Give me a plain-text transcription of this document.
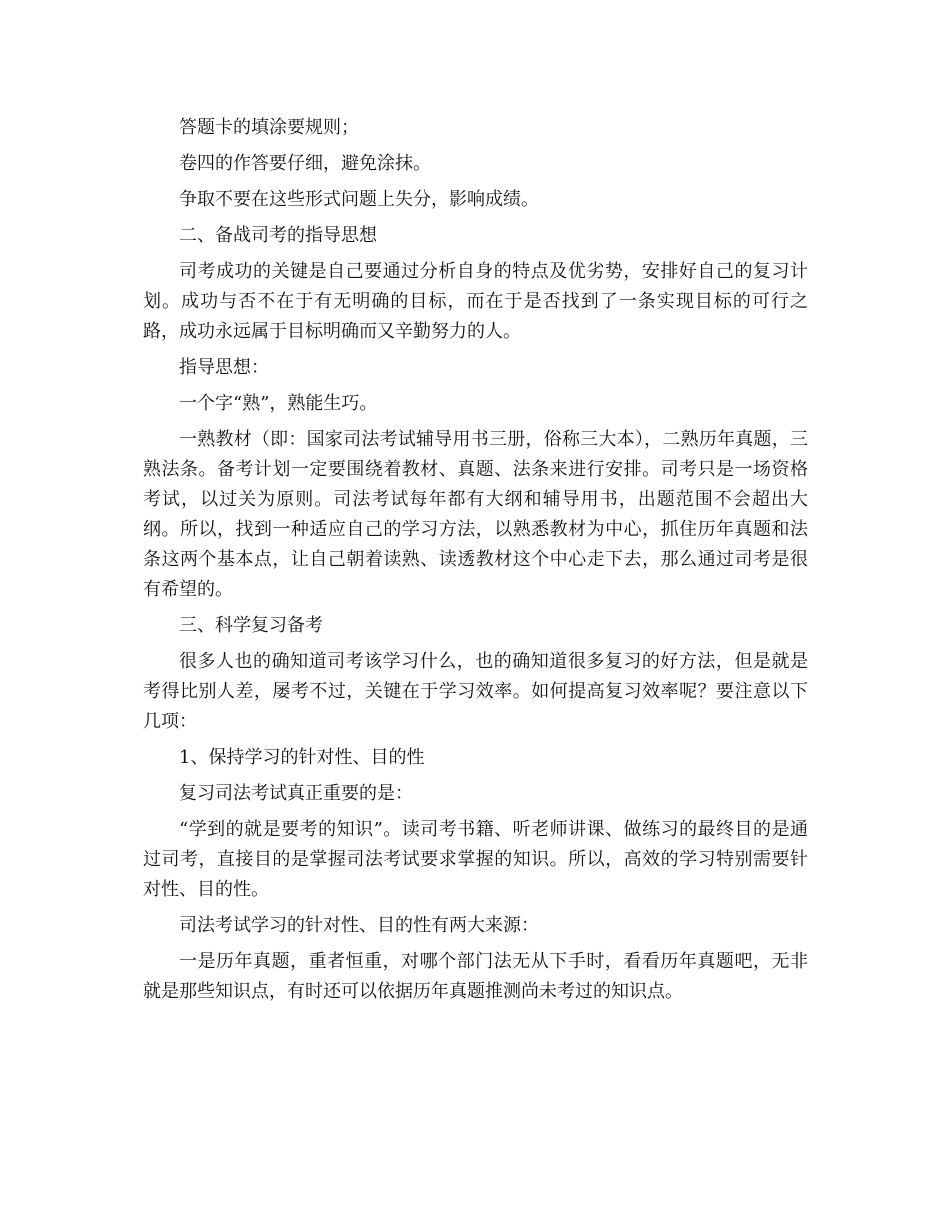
答题卡的填涂要规则；

卷四的作答要仔细，避免涂抹。

争取不要在这些形式问题上失分，影响成绩。

二、备战司考的指导思想

司考成功的关键是自己要通过分析自身的特点及优劣势，安排好自己的复习计划。成功与否不在于有无明确的目标，而在于是否找到了一条实现目标的可行之路，成功永远属于目标明确而又辛勤努力的人。

指导思想：

一个字“熟”，熟能生巧。

一熟教材（即：国家司法考试辅导用书三册，俗称三大本），二熟历年真题，三熟法条。备考计划一定要围绕着教材、真题、法条来进行安排。司考只是一场资格考试，以过关为原则。司法考试每年都有大纲和辅导用书，出题范围不会超出大纲。所以，找到一种适应自己的学习方法，以熟悉教材为中心，抓住历年真题和法条这两个基本点，让自己朝着读熟、读透教材这个中心走下去，那么通过司考是很有希望的。

三、科学复习备考

很多人也的确知道司考该学习什么，也的确知道很多复习的好方法，但是就是考得比别人差，屡考不过，关键在于学习效率。如何提高复习效率呢？要注意以下几项：

1、保持学习的针对性、目的性

复习司法考试真正重要的是：

“学到的就是要考的知识”。读司考书籍、听老师讲课、做练习的最终目的是通过司考，直接目的是掌握司法考试要求掌握的知识。所以，高效的学习特别需要针对性、目的性。

司法考试学习的针对性、目的性有两大来源：

一是历年真题，重者恒重，对哪个部门法无从下手时，看看历年真题吧，无非就是那些知识点，有时还可以依据历年真题推测尚未考过的知识点。
